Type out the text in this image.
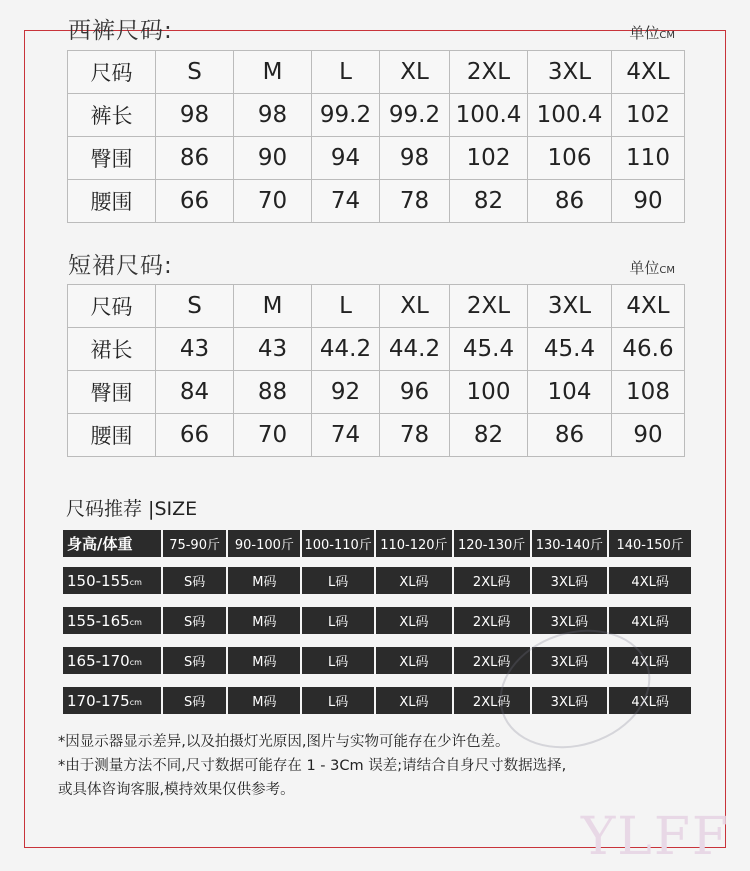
西裤尺码:	单位CM
尺码	S	M	L	XL	2XL	3XL	4XL
裤长	98	98	99.2	99.2	100.4	100.4	102
臀围	86	90	94	98	102	106	110
腰围	66	70	74	78	82	86	90
短裙尺码:	单位CM
尺码	S	M	L	XL	2XL	3XL	4XL
裙长	43	43	44.2	44.2	45.4	45.4	46.6
臀围	84	88	92	96	100	104	108
腰围	66	70	74	78	82	86	90
尺码推荐 |SIZE
身高/体重	75-90斤	90-100斤 100-110斤 110-120斤 120-130斤 130-140斤	140-150斤
$150-155_{cm}$	S码	M码	L码	XL码	2XL码	3XL码	4XL码
$155-165_{cm}$	S码	M码	L码	XL码	2XL码	3XL码	4XL码
$165-170_{cm}$	S码	M码	L码	XL码	2XL码	3XL码	4XL码
$170-175_{cm}$	S码	M码	L码	XL码	2XL码	3XL码	4XL码
*因显示器显示差异,以及拍摄灯光原因,图片与实物可能存在少许色差。
*由于测量方法不同,尺寸数据可能存在 1 - 3Cm 误差;请结合自身尺寸数据选择,
或具体咨询客服,模持效果仅供参考。
YLFF
